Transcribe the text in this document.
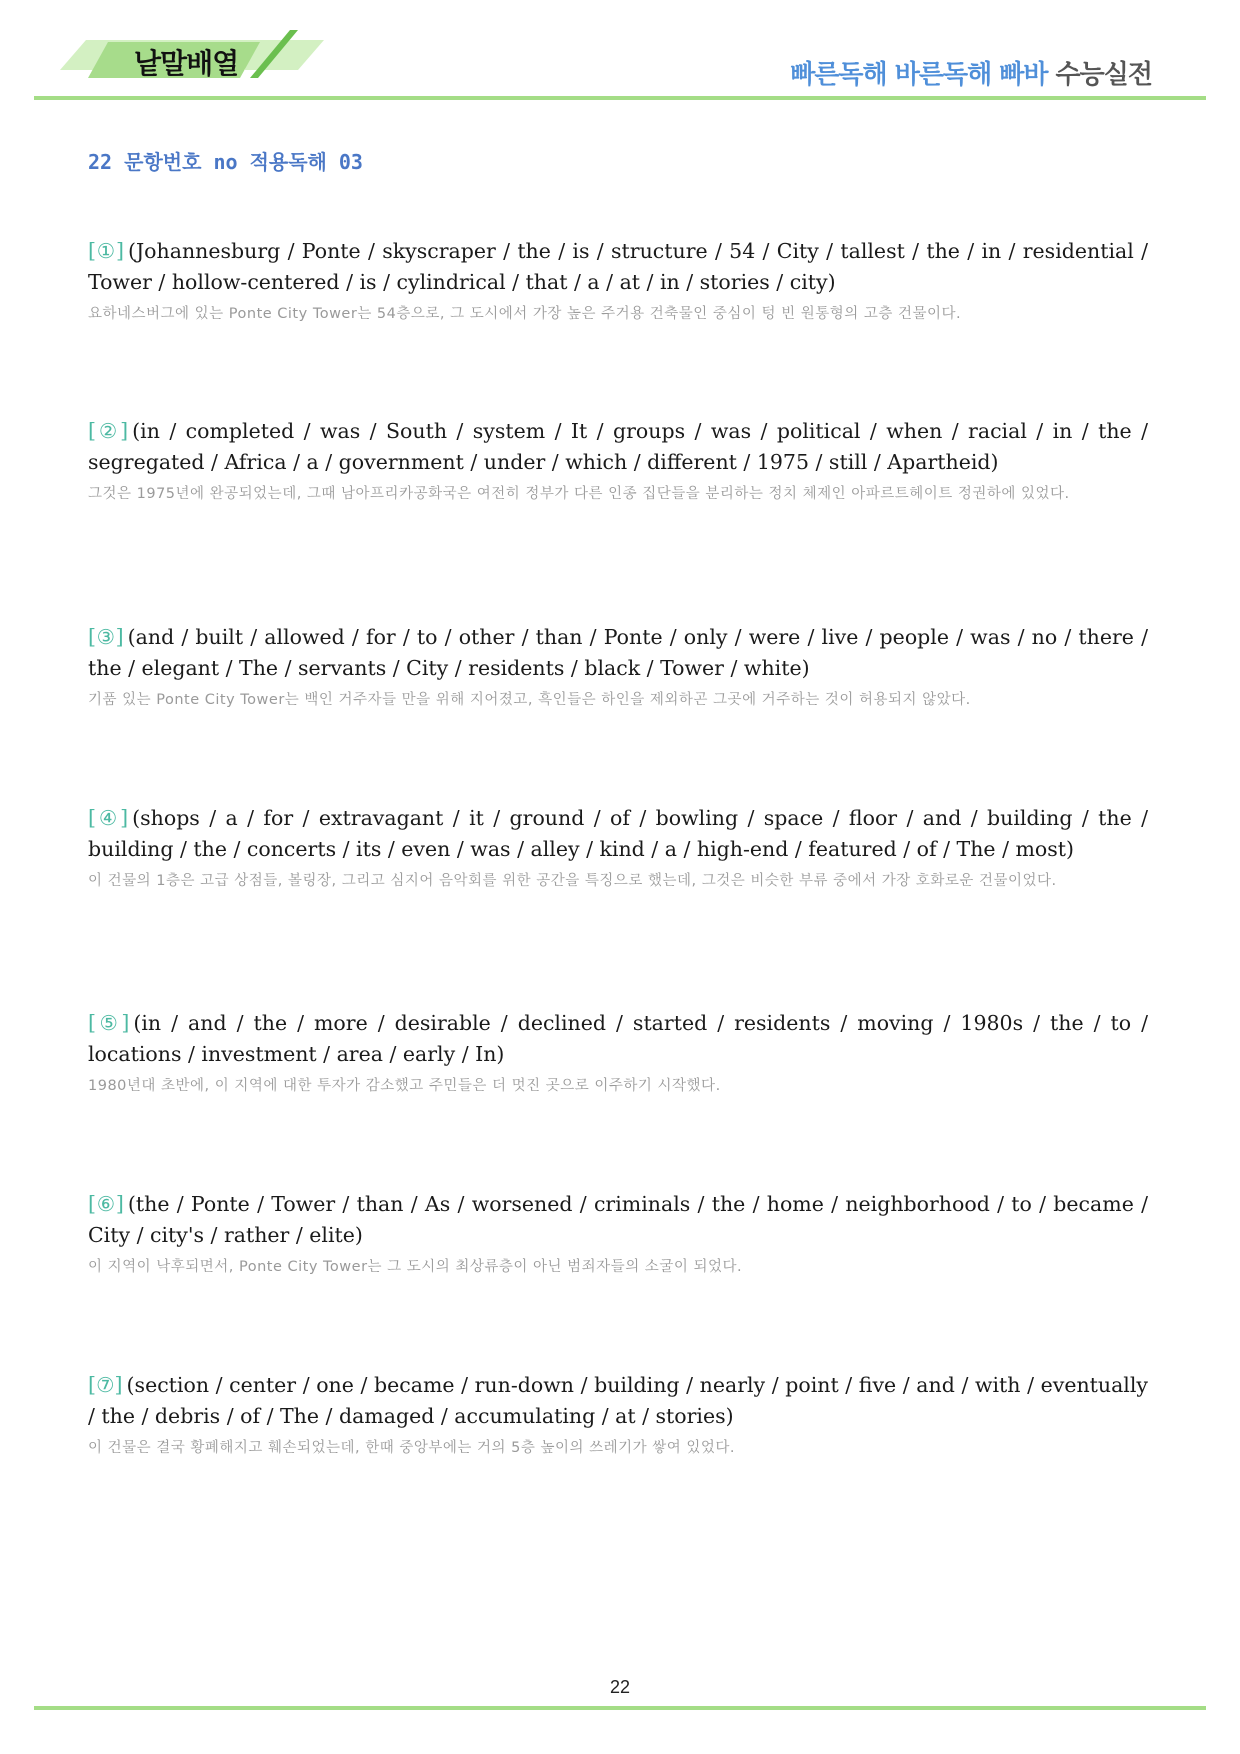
낱말배열	빠른독해 바른독해 빠바 수능실전
22 문항번호 no 적용독해 03
[①] (Johannesburg / Ponte / skyscraper / the / is / structure / 54 / City / tallest / the / in / residential / Tower / hollow-centered / is / cylindrical / that / a / at / in / stories / city)
요하네스버그에 있는 Ponte City Tower는 54층으로, 그 도시에서 가장 높은 주거용 건축물인 중심이 텅 빈 원통형의 고층 건물이다.
[②] (in / completed / was / South / system / It / groups / was / political / when / racial / in / the / segregated / Africa / a / government / under / which / different / 1975 / still / Apartheid)
그것은 1975년에 완공되었는데, 그때 남아프리카공화국은 여전히 정부가 다른 인종 집단들을 분리하는 정치 체제인 아파르트헤이트 정권하에 있었다.
[③] (and / built / allowed / for / to / other / than / Ponte / only / were / live / people / was / no / there / the / elegant / The / servants / City / residents / black / Tower / white)
기품 있는 Ponte City Tower는 백인 거주자들 만을 위해 지어졌고, 흑인들은 하인을 제외하곤 그곳에 거주하는 것이 허용되지 않았다.
[④] (shops / a / for / extravagant / it / ground / of / bowling / space / floor / and / building / the / building / the / concerts / its / even / was / alley / kind / a / high-end / featured / of / The / most)
이 건물의 1층은 고급 상점들, 볼링장, 그리고 심지어 음악회를 위한 공간을 특징으로 했는데, 그것은 비슷한 부류 중에서 가장 호화로운 건물이었다.
[⑤] (in / and / the / more / desirable / declined / started / residents / moving / 1980s / the / to / locations / investment / area / early / In)
1980년대 초반에, 이 지역에 대한 투자가 감소했고 주민들은 더 멋진 곳으로 이주하기 시작했다.
[⑥] (the / Ponte / Tower / than / As / worsened / criminals / the / home / neighborhood / to / became / City / city's / rather / elite)
이 지역이 낙후되면서, Ponte City Tower는 그 도시의 최상류층이 아닌 범죄자들의 소굴이 되었다.
[⑦] (section / center / one / became / run-down / building / nearly / point / five / and / with / eventually / the / debris / of / The / damaged / accumulating / at / stories)
이 건물은 결국 황폐해지고 훼손되었는데, 한때 중앙부에는 거의 5층 높이의 쓰레기가 쌓여 있었다.
22
